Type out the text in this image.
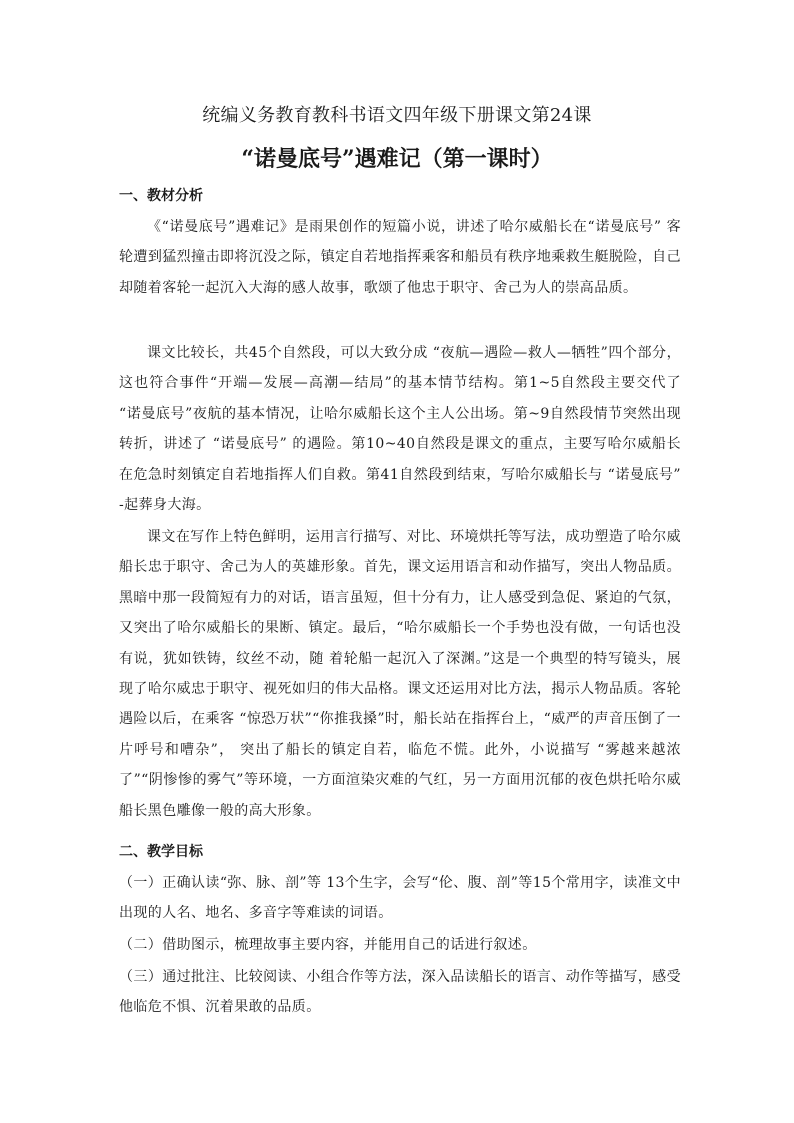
统编义务教育教科书语文四年级下册课文第24课
“诺曼底号”遇难记（第一课时）
一、教材分析
《“诺曼底号”遇难记》是雨果创作的短篇小说，讲述了哈尔威船长在“诺曼底号” 客 轮遭到猛烈撞击即将沉没之际，镇定自若地指挥乘客和船员有秩序地乘救生艇脱险，自己却随着客轮一起沉入大海的感人故事，歌颂了他忠于职守、舍己为人的崇高品质。
课文比较长，共45个自然段，可以大致分成 “夜航—遇险—救人—牺牲”四个部分， 这也符合事件“开端—发展—高潮—结局”的基本情节结构。第1~5自然段主要交代了 “诺曼底号”夜航的基本情况，让哈尔威船长这个主人公出场。第~9自然段情节突然出现转折，讲述了 “诺曼底号” 的遇险。第10~40自然段是课文的重点，主要写哈尔威船长 在危急时刻镇定自若地指挥人们自救。第41自然段到结束，写哈尔威船长与 “诺曼底号” -起葬身大海。
课文在写作上特色鲜明，运用言行描写、对比、环境烘托等写法，成功塑造了哈尔威船长忠于职守、舍己为人的英雄形象。首先，课文运用语言和动作描写，突出人物品质。黑暗中那一段简短有力的对话，语言虽短，但十分有力，让人感受到急促、紧迫的气氛，又突出了哈尔威船长的果断、镇定。最后，“哈尔威船长一个手势也没有做，一句话也没有说，犹如铁铸，纹丝不动，随 着轮船一起沉入了深渊。”这是一个典型的特写镜头，展现了哈尔威忠于职守、视死如归的伟大品格。课文还运用对比方法，揭示人物品质。客轮遇险以后，在乘客 “惊恐万状”“你推我搡”时，船长站在指挥台上，“威严的声音压倒了一片呼号和嘈杂”， 突出了船长的镇定自若，临危不慌。此外，小说描写 “雾越来越浓了”“阴惨惨的雾气”等环境，一方面渲染灾难的气红，另一方面用沉郁的夜色烘托哈尔威船长黑色雕像一般的高大形象。
二、教学目标
（一）正确认读“弥、脉、剖”等 13个生字，会写“伦、腹、剖”等15个常用字，读准文中出现的人名、地名、多音字等难读的词语。
（二）借助图示，梳理故事主要内容，并能用自己的话进行叙述。
（三）通过批注、比较阅读、小组合作等方法，深入品读船长的语言、动作等描写，感受他临危不惧、沉着果敢的品质。
